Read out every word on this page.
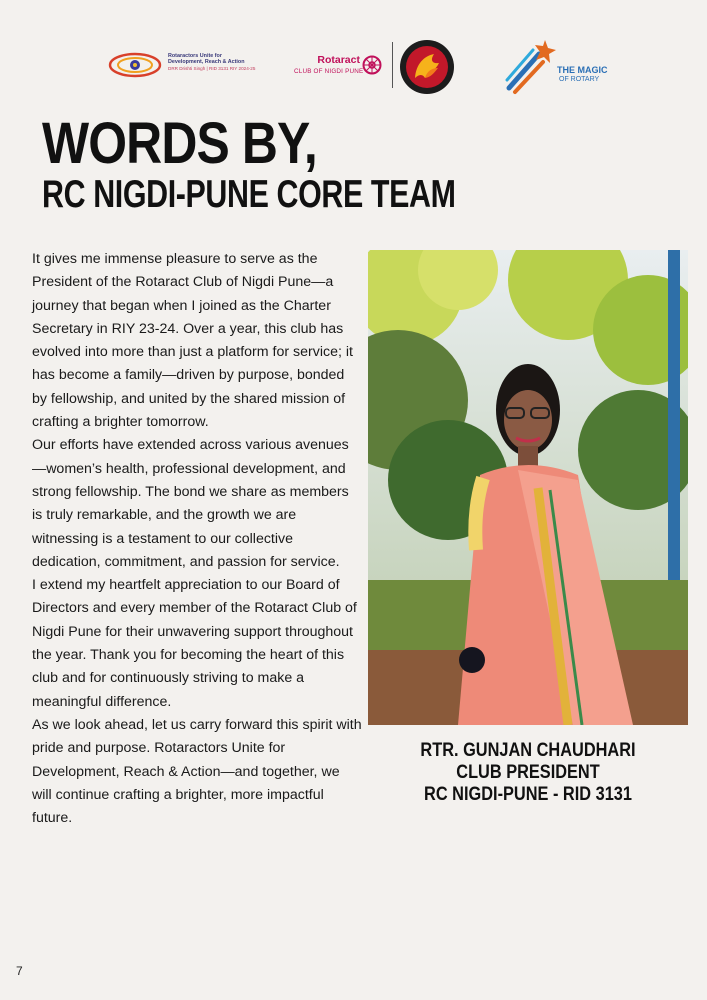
Rotaractors Unite for
Development, Reach & Action
DRR Drishti Singh | RID 3131 RIY 2024-25
Rotaract
CLUB OF NIGDI PUNE	THE MAGIC
OF ROTARY
WORDS BY,
RC NIGDI-PUNE CORE TEAM

It gives me immense pleasure to serve as the President of the Rotaract Club of Nigdi Pune—a journey that began when I joined as the Charter Secretary in RIY 23-24. Over a year, this club has evolved into more than just a platform for service; it has become a family—driven by purpose, bonded by fellowship, and united by the shared mission of crafting a brighter tomorrow.

Our efforts have extended across various avenues—women’s health, professional development, and strong fellowship. The bond we share as members is truly remarkable, and the growth we are witnessing is a testament to our collective dedication, commitment, and passion for service.

I extend my heartfelt appreciation to our Board of Directors and every member of the Rotaract Club of Nigdi Pune for their unwavering support throughout the year. Thank you for becoming the heart of this club and for continuously striving to make a meaningful difference.

As we look ahead, let us carry forward this spirit with pride and purpose. Rotaractors Unite for Development, Reach & Action—and together, we will continue crafting a brighter, more impactful future.

RTR. GUNJAN CHAUDHARI
CLUB PRESIDENT
RC NIGDI-PUNE - RID 3131
7
